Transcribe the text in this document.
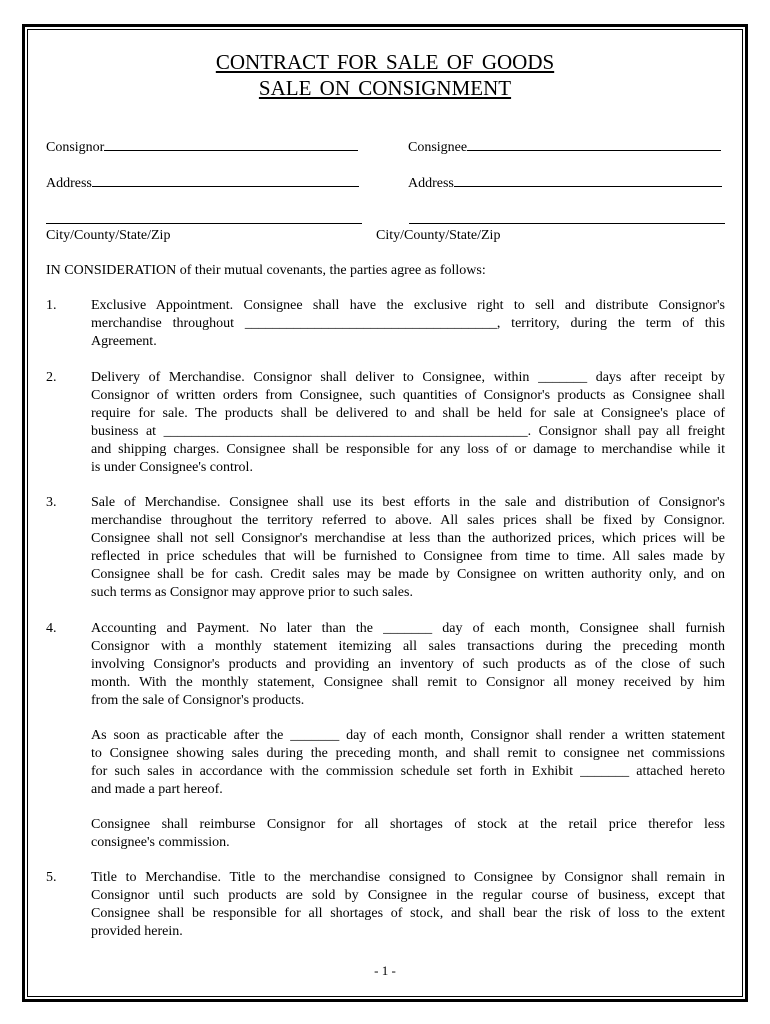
CONTRACT FOR SALE OF GOODS
SALE ON CONSIGNMENT
Consignor	Consignee
Address	Address
City/County/State/Zip	City/County/State/Zip
IN CONSIDERATION of their mutual covenants, the parties agree as follows:
1. Exclusive Appointment. Consignee shall have the exclusive right to sell and distribute Consignor's
merchandise throughout ____________________________________, territory, during the term of this
Agreement.
2. Delivery of Merchandise. Consignor shall deliver to Consignee, within _______ days after receipt by
Consignor of written orders from Consignee, such quantities of Consignor's products as Consignee shall
require for sale. The products shall be delivered to and shall be held for sale at Consignee's place of
business at ____________________________________________________. Consignor shall pay all freight
and shipping charges. Consignee shall be responsible for any loss of or damage to merchandise while it
is under Consignee's control.
3. Sale of Merchandise. Consignee shall use its best efforts in the sale and distribution of Consignor's
merchandise throughout the territory referred to above. All sales prices shall be fixed by Consignor.
Consignee shall not sell Consignor's merchandise at less than the authorized prices, which prices will be
reflected in price schedules that will be furnished to Consignee from time to time. All sales made by
Consignee shall be for cash. Credit sales may be made by Consignee on written authority only, and on
such terms as Consignor may approve prior to such sales.
4. Accounting and Payment. No later than the _______ day of each month, Consignee shall furnish
Consignor with a monthly statement itemizing all sales transactions during the preceding month
involving Consignor's products and providing an inventory of such products as of the close of such
month. With the monthly statement, Consignee shall remit to Consignor all money received by him
from the sale of Consignor's products.
As soon as practicable after the _______ day of each month, Consignor shall render a written statement
to Consignee showing sales during the preceding month, and shall remit to consignee net commissions
for such sales in accordance with the commission schedule set forth in Exhibit _______ attached hereto
and made a part hereof.
Consignee shall reimburse Consignor for all shortages of stock at the retail price therefor less
consignee's commission.
5. Title to Merchandise. Title to the merchandise consigned to Consignee by Consignor shall remain in
Consignor until such products are sold by Consignee in the regular course of business, except that
Consignee shall be responsible for all shortages of stock, and shall bear the risk of loss to the extent
provided herein.
- 1 -
